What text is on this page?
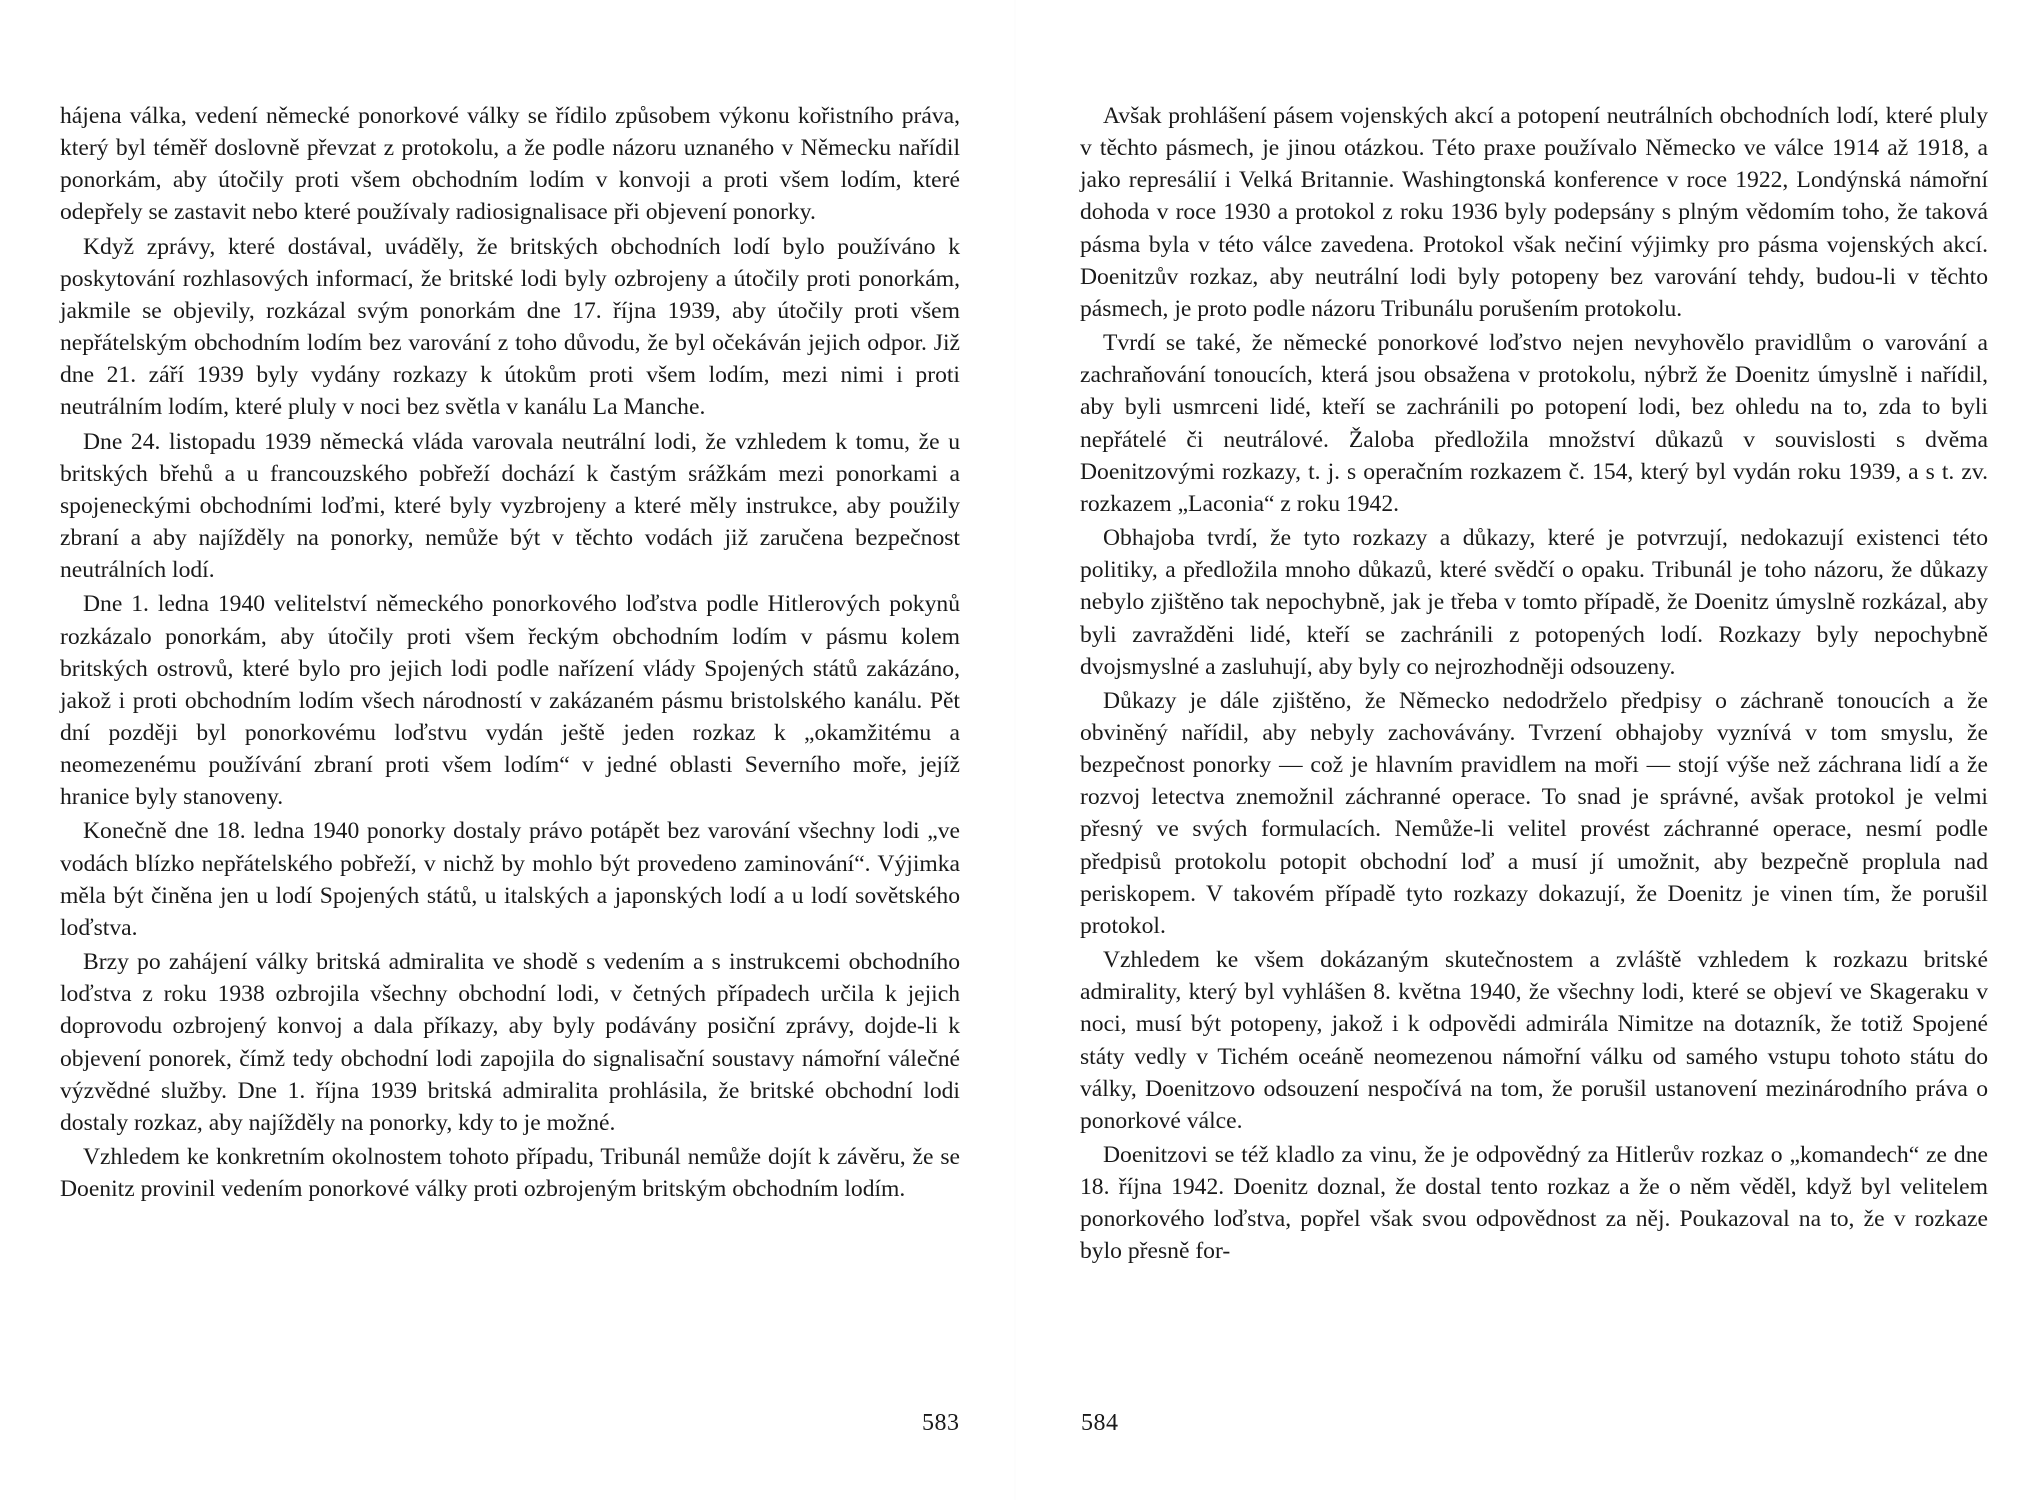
hájena válka, vedení německé ponorkové války se řídilo způsobem výkonu kořistního práva, který byl téměř doslovně převzat z protokolu, a že podle názoru uznaného v Německu nařídil ponorkám, aby útočily proti všem obchodním lodím v konvoji a proti všem lodím, které odepřely se zastavit nebo které používaly radiosignalisace při objevení ponorky.

Když zprávy, které dostával, uváděly, že britských obchodních lodí bylo používáno k poskytování rozhlasových informací, že britské lodi byly ozbrojeny a útočily proti ponorkám, jakmile se objevily, rozkázal svým ponorkám dne 17. října 1939, aby útočily proti všem nepřátelským obchodním lodím bez varování z toho důvodu, že byl očekáván jejich odpor. Již dne 21. září 1939 byly vydány rozkazy k útokům proti všem lodím, mezi nimi i proti neutrálním lodím, které pluly v noci bez světla v kanálu La Manche.

Dne 24. listopadu 1939 německá vláda varovala neutrální lodi, že vzhledem k tomu, že u britských břehů a u francouzského pobřeží dochází k častým srážkám mezi ponorkami a spojeneckými obchodními loďmi, které byly vyzbrojeny a které měly instrukce, aby použily zbraní a aby najížděly na ponorky, nemůže být v těchto vodách již zaručena bezpečnost neutrálních lodí.

Dne 1. ledna 1940 velitelství německého ponorkového loďstva podle Hitlerových pokynů rozkázalo ponorkám, aby útočily proti všem řeckým obchodním lodím v pásmu kolem britských ostrovů, které bylo pro jejich lodi podle nařízení vlády Spojených států zakázáno, jakož i proti obchodním lodím všech národností v zakázaném pásmu bristolského kanálu. Pět dní později byl ponorkovému loďstvu vydán ještě jeden rozkaz k „okamžitému a neomezenému používání zbraní proti všem lodím“ v jedné oblasti Severního moře, jejíž hranice byly stanoveny.

Konečně dne 18. ledna 1940 ponorky dostaly právo potápět bez varování všechny lodi „ve vodách blízko nepřátelského pobřeží, v nichž by mohlo být provedeno zaminování“. Výjimka měla být činěna jen u lodí Spojených států, u italských a japonských lodí a u lodí sovětského loďstva.

Brzy po zahájení války britská admiralita ve shodě s vedením a s instrukcemi obchodního loďstva z roku 1938 ozbrojila všechny obchodní lodi, v četných případech určila k jejich doprovodu ozbrojený konvoj a dala příkazy, aby byly podávány posiční zprávy, dojde-li k objevení ponorek, čímž tedy obchodní lodi zapojila do signalisační soustavy námořní válečné výzvědné služby. Dne 1. října 1939 britská admiralita prohlásila, že britské obchodní lodi dostaly rozkaz, aby najížděly na ponorky, kdy to je možné.

Vzhledem ke konkretním okolnostem tohoto případu, Tribunál nemůže dojít k závěru, že se Doenitz provinil vedením ponorkové války proti ozbrojeným britským obchodním lodím.

583

Avšak prohlášení pásem vojenských akcí a potopení neutrálních obchodních lodí, které pluly v těchto pásmech, je jinou otázkou. Této praxe používalo Německo ve válce 1914 až 1918, a jako represálií i Velká Britannie. Washingtonská konference v roce 1922, Londýnská námořní dohoda v roce 1930 a protokol z roku 1936 byly podepsány s plným vědomím toho, že taková pásma byla v této válce zavedena. Protokol však nečiní výjimky pro pásma vojenských akcí. Doenitzův rozkaz, aby neutrální lodi byly potopeny bez varování tehdy, budou-li v těchto pásmech, je proto podle názoru Tribunálu porušením protokolu.

Tvrdí se také, že německé ponorkové loďstvo nejen nevyhovělo pravidlům o varování a zachraňování tonoucích, která jsou obsažena v protokolu, nýbrž že Doenitz úmyslně i nařídil, aby byli usmrceni lidé, kteří se zachránili po potopení lodi, bez ohledu na to, zda to byli nepřátelé či neutrálové. Žaloba předložila množství důkazů v souvislosti s dvěma Doenitzovými rozkazy, t. j. s operačním rozkazem č. 154, který byl vydán roku 1939, a s t. zv. rozkazem „Laconia“ z roku 1942.

Obhajoba tvrdí, že tyto rozkazy a důkazy, které je potvrzují, nedokazují existenci této politiky, a předložila mnoho důkazů, které svědčí o opaku. Tribunál je toho názoru, že důkazy nebylo zjištěno tak nepochybně, jak je třeba v tomto případě, že Doenitz úmyslně rozkázal, aby byli zavražděni lidé, kteří se zachránili z potopených lodí. Rozkazy byly nepochybně dvojsmyslné a zasluhují, aby byly co nejrozhodněji odsouzeny.

Důkazy je dále zjištěno, že Německo nedodrželo předpisy o záchraně tonoucích a že obviněný nařídil, aby nebyly zachovávány. Tvrzení obhajoby vyznívá v tom smyslu, že bezpečnost ponorky — což je hlavním pravidlem na moři — stojí výše než záchrana lidí a že rozvoj letectva znemožnil záchranné operace. To snad je správné, avšak protokol je velmi přesný ve svých formulacích. Nemůže-li velitel provést záchranné operace, nesmí podle předpisů protokolu potopit obchodní loď a musí jí umožnit, aby bezpečně proplula nad periskopem. V takovém případě tyto rozkazy dokazují, že Doenitz je vinen tím, že porušil protokol.

Vzhledem ke všem dokázaným skutečnostem a zvláště vzhledem k rozkazu britské admirality, který byl vyhlášen 8. května 1940, že všechny lodi, které se objeví ve Skageraku v noci, musí být potopeny, jakož i k odpovědi admirála Nimitze na dotazník, že totiž Spojené státy vedly v Tichém oceáně neomezenou námořní válku od samého vstupu tohoto státu do války, Doenitzovo odsouzení nespočívá na tom, že porušil ustanovení mezinárodního práva o ponorkové válce.

Doenitzovi se též kladlo za vinu, že je odpovědný za Hitlerův rozkaz o „komandech“ ze dne 18. října 1942. Doenitz doznal, že dostal tento rozkaz a že o něm věděl, když byl velitelem ponorkového loďstva, popřel však svou odpovědnost za něj. Poukazoval na to, že v rozkaze bylo přesně for-

584
